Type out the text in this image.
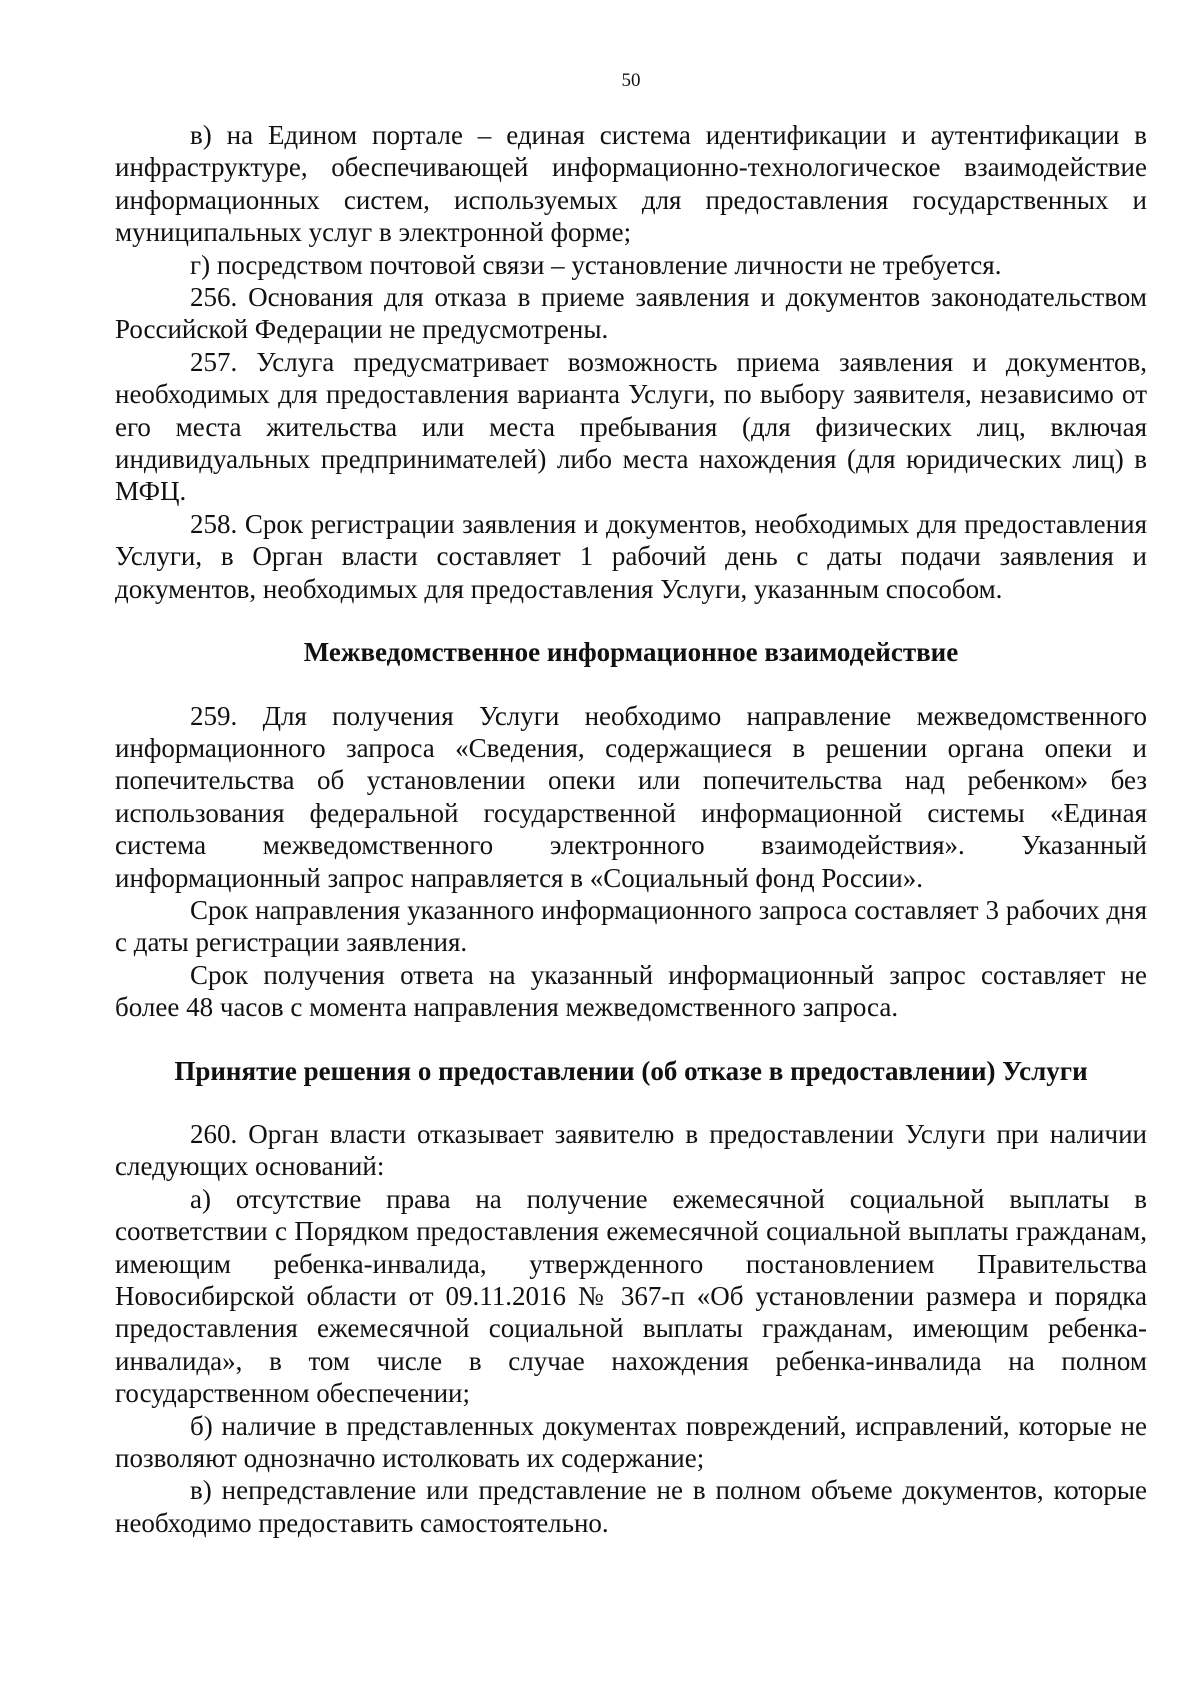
50

в) на Едином портале – единая система идентификации и аутентификации в инфраструктуре, обеспечивающей информационно-технологическое взаимодействие информационных систем, используемых для предоставления государственных и муниципальных услуг в электронной форме;

г) посредством почтовой связи – установление личности не требуется.

256. Основания для отказа в приеме заявления и документов законодательством Российской Федерации не предусмотрены.

257. Услуга предусматривает возможность приема заявления и документов, необходимых для предоставления варианта Услуги, по выбору заявителя, независимо от его места жительства или места пребывания (для физических лиц, включая индивидуальных предпринимателей) либо места нахождения (для юридических лиц) в МФЦ.

258. Срок регистрации заявления и документов, необходимых для предоставления Услуги, в Орган власти составляет 1 рабочий день с даты подачи заявления и документов, необходимых для предоставления Услуги, указанным способом.

Межведомственное информационное взаимодействие

259. Для получения Услуги необходимо направление межведомственного информационного запроса «Сведения, содержащиеся в решении органа опеки и попечительства об установлении опеки или попечительства над ребенком» без использования федеральной государственной информационной системы «Единая система межведомственного электронного взаимодействия». Указанный информационный запрос направляется в «Социальный фонд России».

Срок направления указанного информационного запроса составляет 3 рабочих дня с даты регистрации заявления.

Срок получения ответа на указанный информационный запрос составляет не более 48 часов с момента направления межведомственного запроса.

Принятие решения о предоставлении (об отказе в предоставлении) Услуги

260. Орган власти отказывает заявителю в предоставлении Услуги при наличии следующих оснований:

а) отсутствие права на получение ежемесячной социальной выплаты в соответствии с Порядком предоставления ежемесячной социальной выплаты гражданам, имеющим ребенка-инвалида, утвержденного постановлением Правительства Новосибирской области от 09.11.2016 № 367-п «Об установлении размера и порядка предоставления ежемесячной социальной выплаты гражданам, имеющим ребенка-инвалида», в том числе в случае нахождения ребенка-инвалида на полном государственном обеспечении;

б) наличие в представленных документах повреждений, исправлений, которые не позволяют однозначно истолковать их содержание;

в) непредставление или представление не в полном объеме документов, которые необходимо предоставить самостоятельно.
